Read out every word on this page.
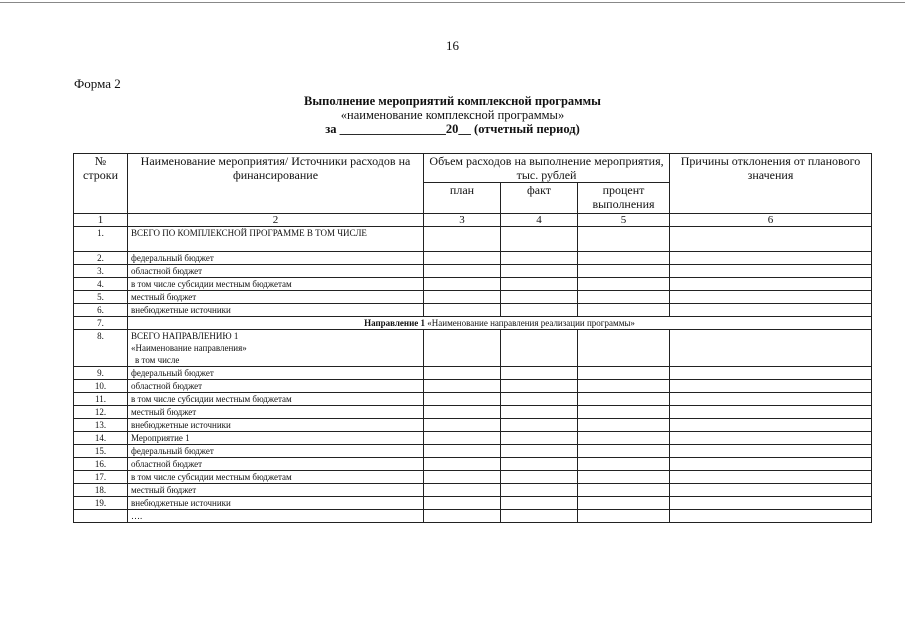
16
Форма 2
Выполнение мероприятий комплексной программы
«наименование комплексной программы»
за _________________20__ (отчетный период)
№ строки	Наименование мероприятия/ Источники расходов на финансирование	Объем расходов на выполнение мероприятия, тыс. рублей			Причины отклонения от планового значения
		план	факт	процент выполнения	
1	2	3	4	5	6
1.	ВСЕГО ПО КОМПЛЕКСНОЙ ПРОГРАММЕ В ТОМ ЧИСЛЕ				
2.	федеральный бюджет				
3.	областной бюджет				
4.	в том числе субсидии местным бюджетам				
5.	местный бюджет				
6.	внебюджетные источники				
7.	Направление 1 «Наименование направления реализации программы»				
8.	ВСЕГО НАПРАВЛЕНИЮ 1
«Наименование направления»
в том числе				

9.	федеральный бюджет				
10.	областной бюджет				
11.	в том числе субсидии местным бюджетам				
12.	местный бюджет				
13.	внебюджетные источники				
14.	Мероприятие 1				
15.	федеральный бюджет				
16.	областной бюджет				
17.	в том числе субсидии местным бюджетам				
18.	местный бюджет				
19.	внебюджетные источники				
	….				
